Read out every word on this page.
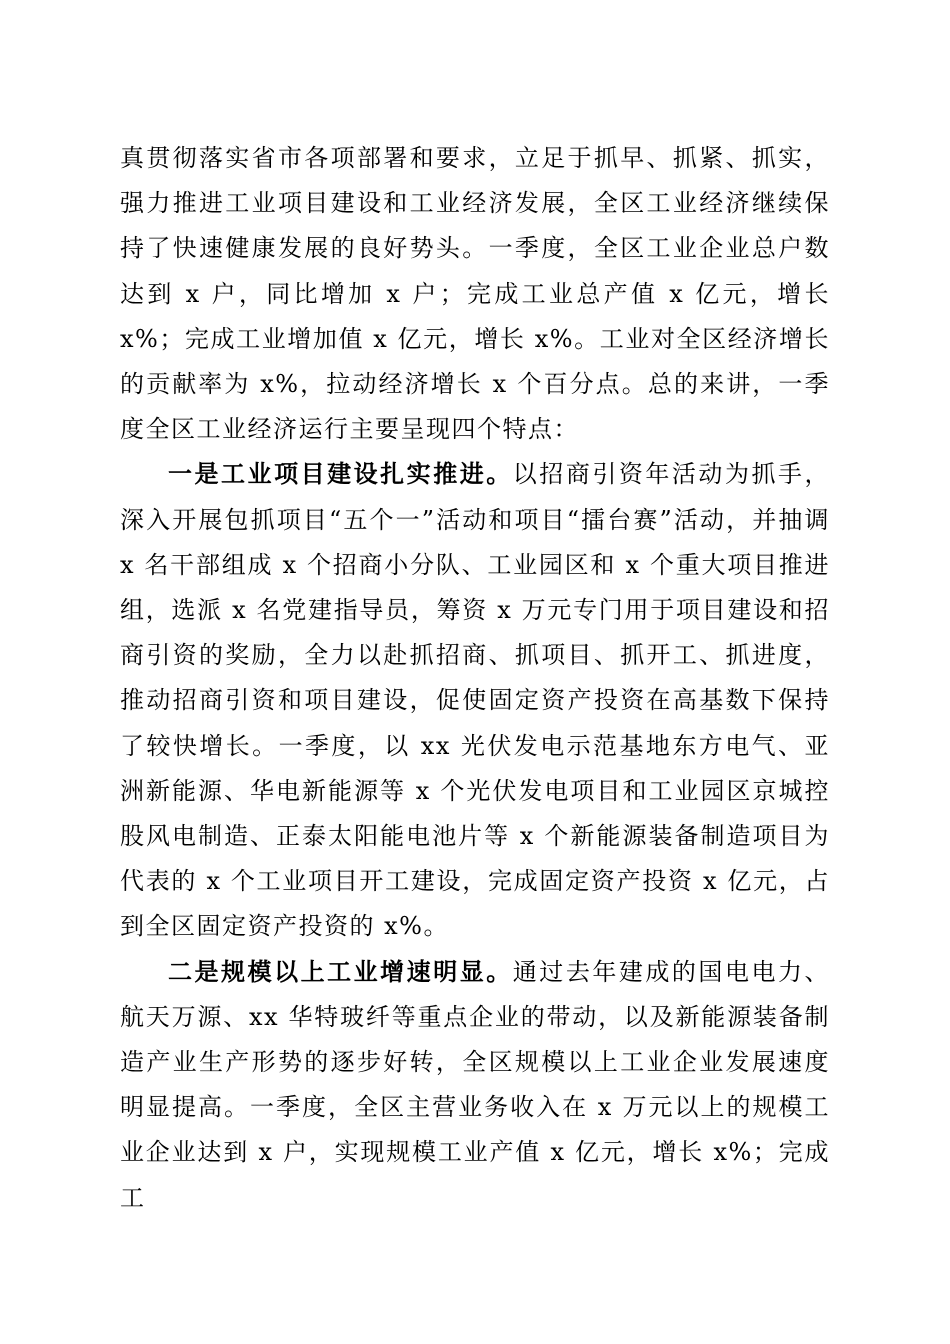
真贯彻落实省市各项部署和要求，立足于抓早、抓紧、抓实，强力推进工业项目建设和工业经济发展，全区工业经济继续保持了快速健康发展的良好势头。一季度，全区工业企业总户数达到 x 户，同比增加 x 户；完成工业总产值 x 亿元，增长 x%；完成工业增加值 x 亿元，增长 x%。工业对全区经济增长的贡献率为 x%，拉动经济增长 x 个百分点。总的来讲，一季度全区工业经济运行主要呈现四个特点：

一是工业项目建设扎实推进。以招商引资年活动为抓手，深入开展包抓项目“五个一”活动和项目“擂台赛”活动，并抽调 x 名干部组成 x 个招商小分队、工业园区和 x 个重大项目推进组，选派 x 名党建指导员，筹资 x 万元专门用于项目建设和招商引资的奖励，全力以赴抓招商、抓项目、抓开工、抓进度，推动招商引资和项目建设，促使固定资产投资在高基数下保持了较快增长。一季度，以 xx 光伏发电示范基地东方电气、亚洲新能源、华电新能源等 x 个光伏发电项目和工业园区京城控股风电制造、正泰太阳能电池片等 x 个新能源装备制造项目为代表的 x 个工业项目开工建设，完成固定资产投资 x 亿元，占到全区固定资产投资的 x%。

二是规模以上工业增速明显。通过去年建成的国电电力、航天万源、xx 华特玻纤等重点企业的带动，以及新能源装备制造产业生产形势的逐步好转，全区规模以上工业企业发展速度明显提高。一季度，全区主营业务收入在 x 万元以上的规模工业企业达到 x 户，实现规模工业产值 x 亿元，增长 x%；完成工
